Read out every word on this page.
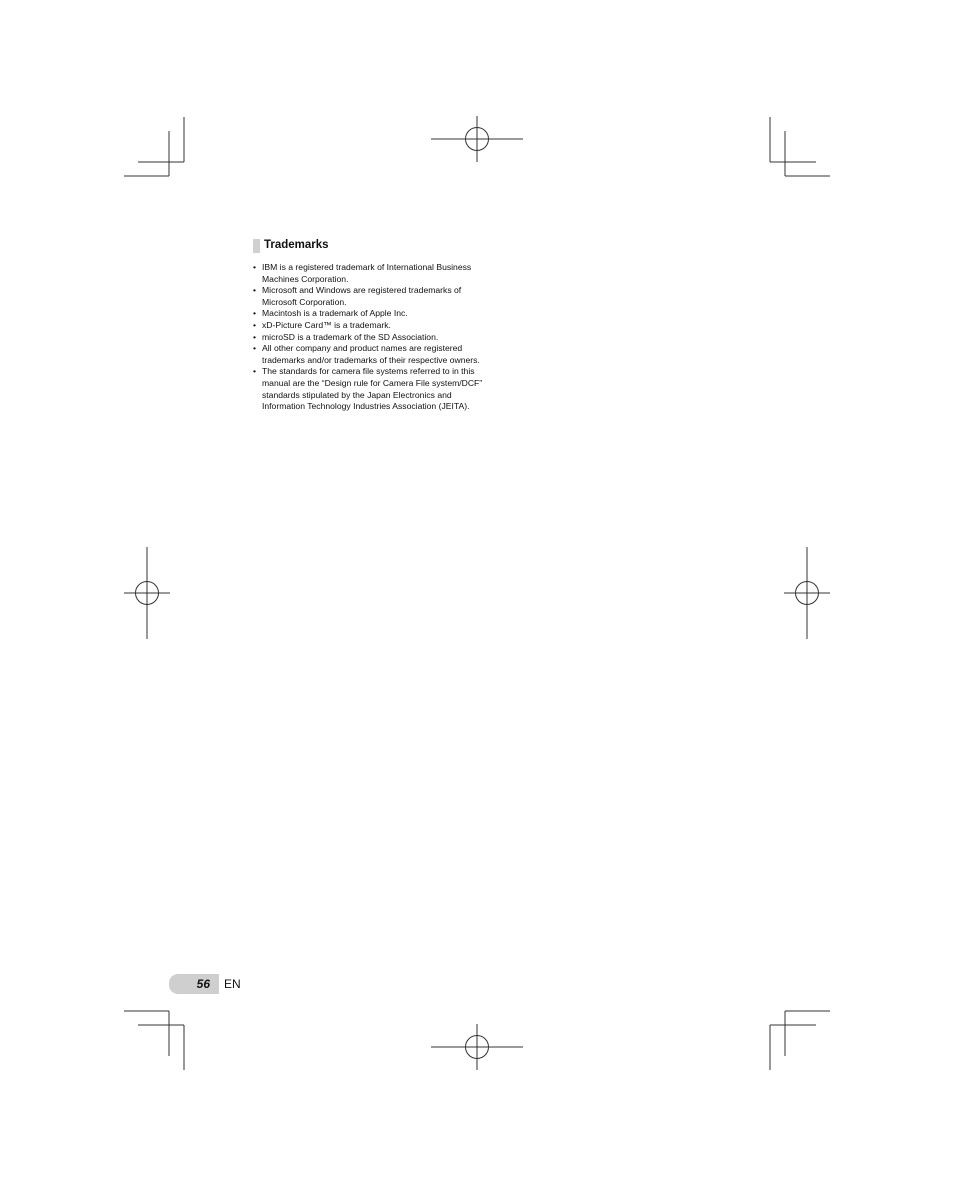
Trademarks
• IBM is a registered trademark of International Business Machines Corporation.
• Microsoft and Windows are registered trademarks of Microsoft Corporation.
• Macintosh is a trademark of Apple Inc.
• xD-Picture Card™ is a trademark.
• microSD is a trademark of the SD Association.
• All other company and product names are registered trademarks and/or trademarks of their respective owners.
• The standards for camera file systems referred to in this manual are the “Design rule for Camera File system/DCF” standards stipulated by the Japan Electronics and Information Technology Industries Association (JEITA).
56 EN
